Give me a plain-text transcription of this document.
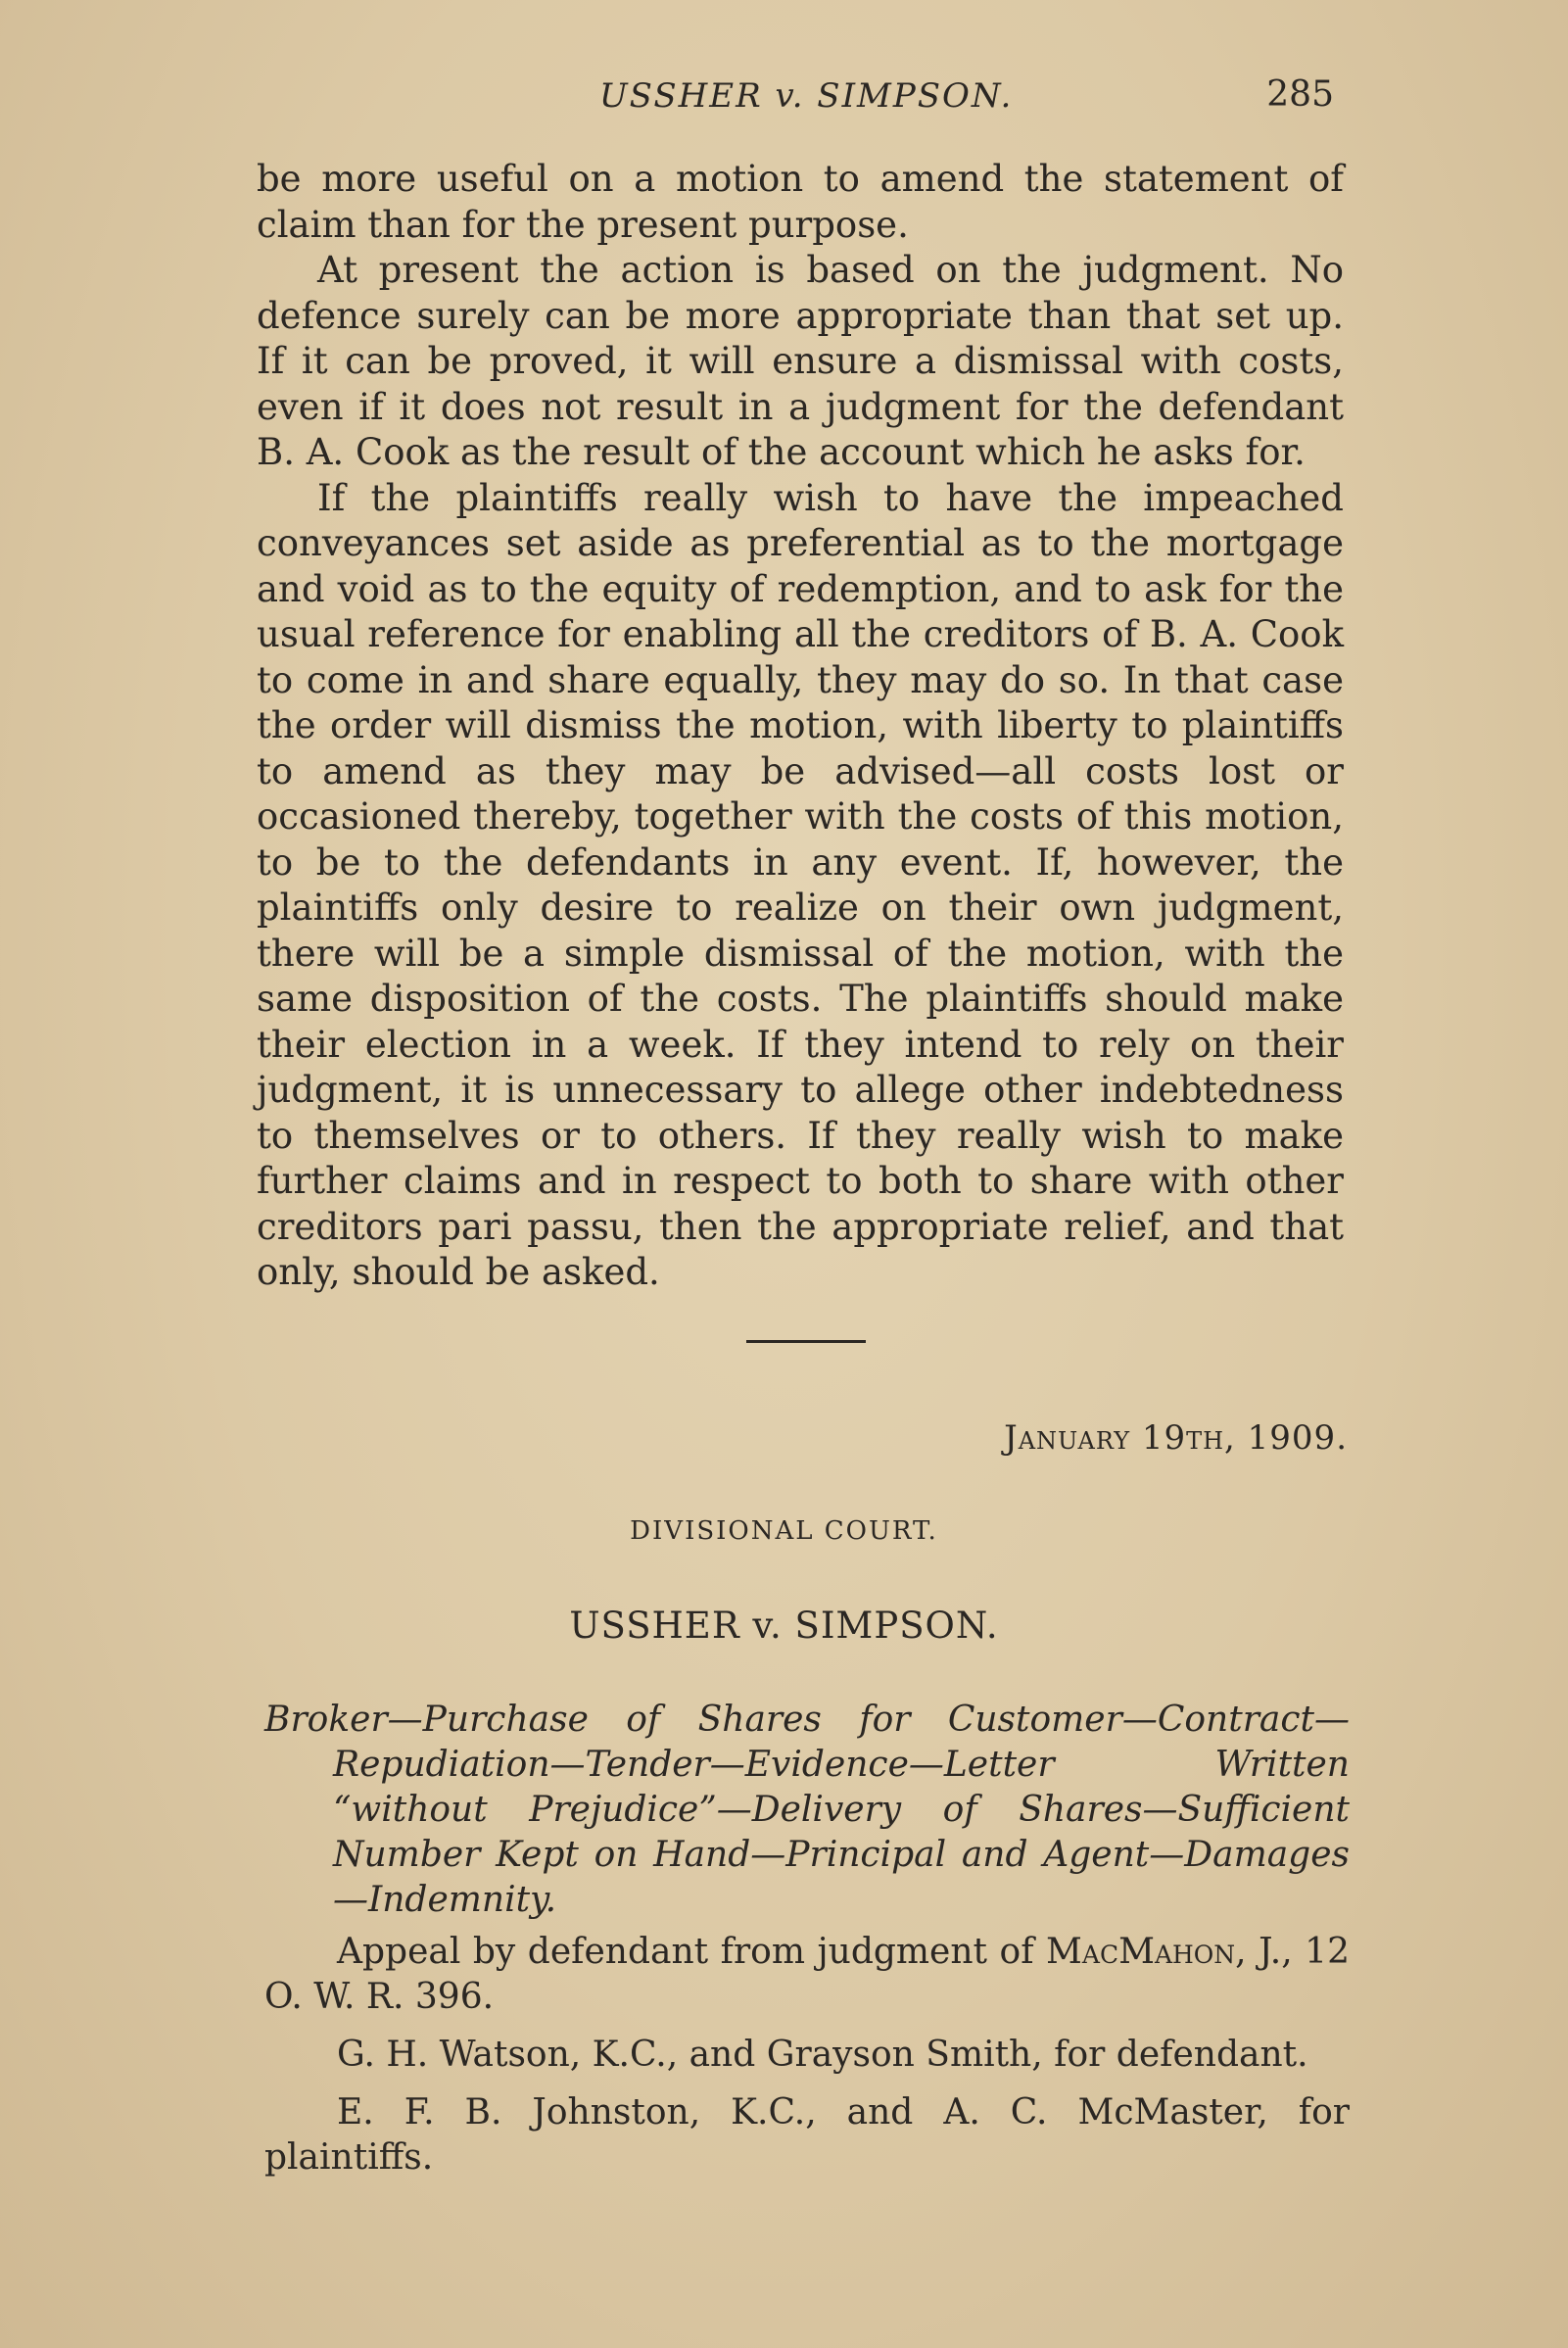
USSHER v. SIMPSON.	285

be more useful on a motion to amend the statement of claim than for the present purpose.

At present the action is based on the judgment. No defence surely can be more appropriate than that set up. If it can be proved, it will ensure a dismissal with costs, even if it does not result in a judgment for the defendant B. A. Cook as the result of the account which he asks for.

If the plaintiffs really wish to have the impeached conveyances set aside as preferential as to the mortgage and void as to the equity of redemption, and to ask for the usual reference for enabling all the creditors of B. A. Cook to come in and share equally, they may do so. In that case the order will dismiss the motion, with liberty to plaintiffs to amend as they may be advised—all costs lost or occasioned thereby, together with the costs of this motion, to be to the defendants in any event. If, however, the plaintiffs only desire to realize on their own judgment, there will be a simple dismissal of the motion, with the same disposition of the costs. The plaintiffs should make their election in a week. If they intend to rely on their judgment, it is unnecessary to allege other indebtedness to themselves or to others. If they really wish to make further claims and in respect to both to share with other creditors pari passu, then the appropriate relief, and that only, should be asked.

January 19th, 1909.
DIVISIONAL COURT.
USSHER v. SIMPSON.
Broker—Purchase of Shares for Customer—Contract—Repudiation—Tender—Evidence—Letter Written “without Prejudice”—Delivery of Shares—Sufficient Number Kept on Hand—Principal and Agent—Damages—Indemnity.

Appeal by defendant from judgment of MacMahon, J., 12 O. W. R. 396.

G. H. Watson, K.C., and Grayson Smith, for defendant.

E. F. B. Johnston, K.C., and A. C. McMaster, for plaintiffs.
